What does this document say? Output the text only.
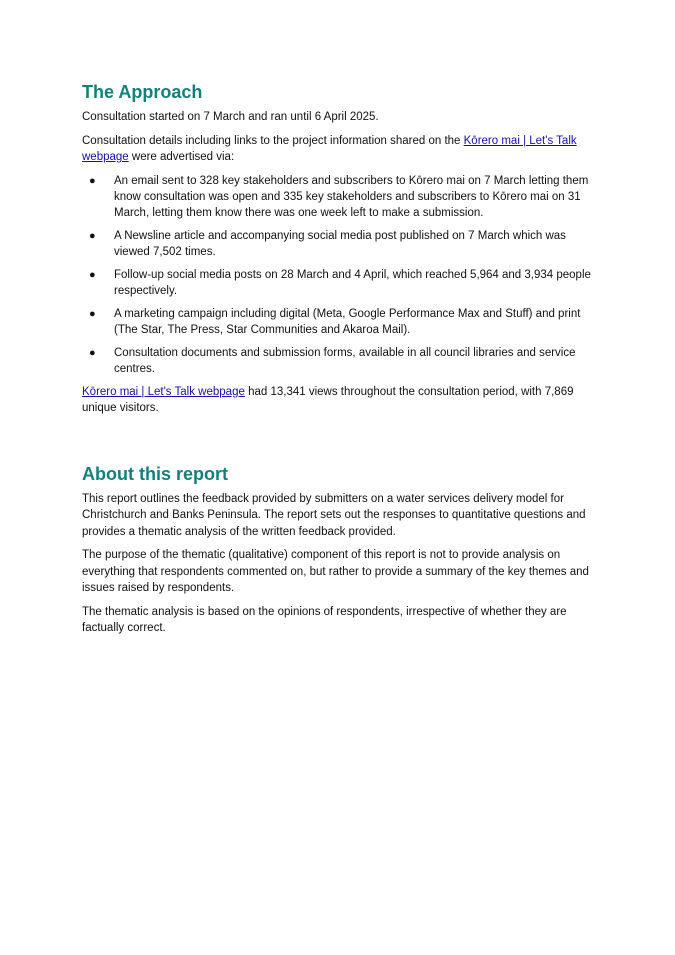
The Approach

Consultation started on 7 March and ran until 6 April 2025.

Consultation details including links to the project information shared on the Kōrero mai | Let's Talk webpage were advertised via:

● An email sent to 328 key stakeholders and subscribers to Kōrero mai on 7 March letting them know consultation was open and 335 key stakeholders and subscribers to Kōrero mai on 31 March, letting them know there was one week left to make a submission.
● A Newsline article and accompanying social media post published on 7 March which was viewed 7,502 times.
● Follow-up social media posts on 28 March and 4 April, which reached 5,964 and 3,934 people respectively.
● A marketing campaign including digital (Meta, Google Performance Max and Stuff) and print (The Star, The Press, Star Communities and Akaroa Mail).
● Consultation documents and submission forms, available in all council libraries and service centres.

Kōrero mai | Let's Talk webpage had 13,341 views throughout the consultation period, with 7,869 unique visitors.

About this report

This report outlines the feedback provided by submitters on a water services delivery model for Christchurch and Banks Peninsula. The report sets out the responses to quantitative questions and provides a thematic analysis of the written feedback provided.

The purpose of the thematic (qualitative) component of this report is not to provide analysis on everything that respondents commented on, but rather to provide a summary of the key themes and issues raised by respondents.

The thematic analysis is based on the opinions of respondents, irrespective of whether they are factually correct.
